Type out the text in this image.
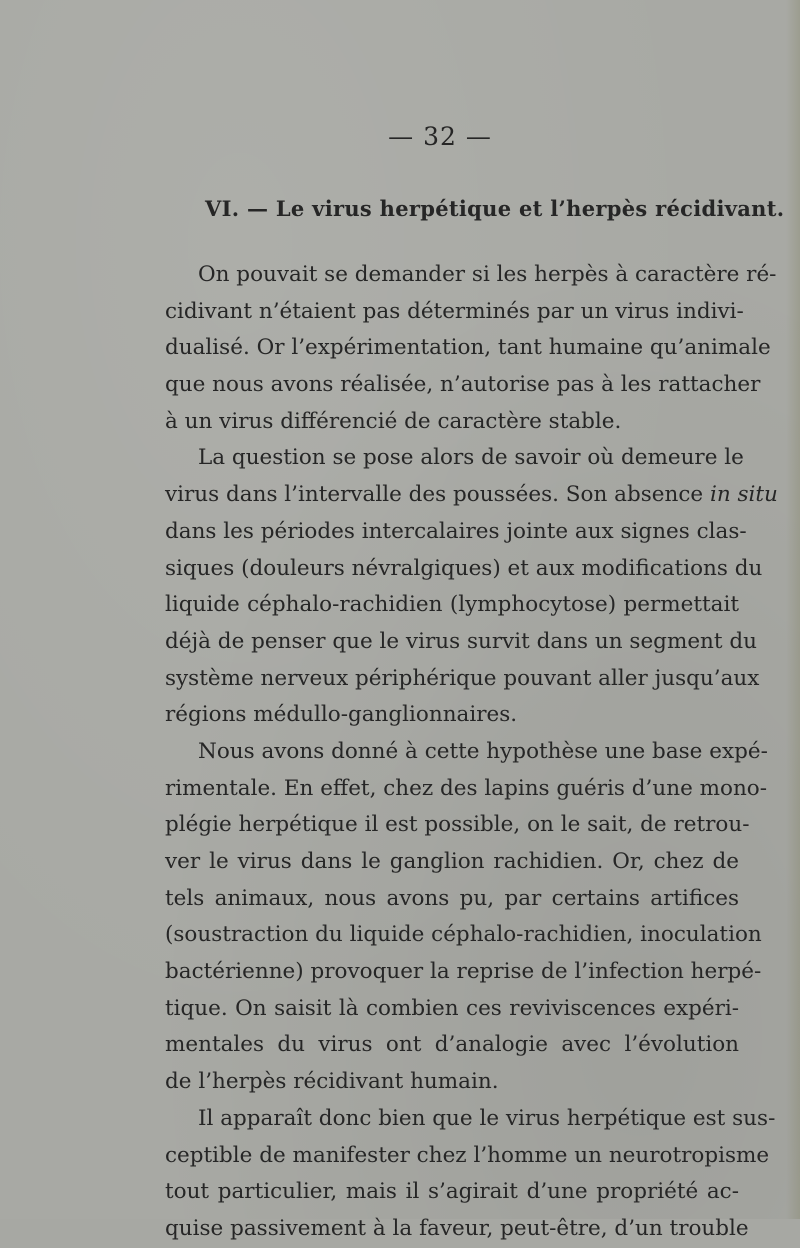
— 32 —
VI. — Le virus herpétique et l’herpès récidivant.
On pouvait se demander si les herpès à caractère ré-
cidivant n’étaient pas déterminés par un virus indivi-
dualisé. Or l’expérimentation, tant humaine qu’animale
que nous avons réalisée, n’autorise pas à les rattacher
à un virus différencié de caractère stable.
La question se pose alors de savoir où demeure le
virus dans l’intervalle des poussées. Son absence in situ
dans les périodes intercalaires jointe aux signes clas-
siques (douleurs névralgiques) et aux modifications du
liquide céphalo-rachidien (lymphocytose) permettait
déjà de penser que le virus survit dans un segment du
système nerveux périphérique pouvant aller jusqu’aux
régions médullo-ganglionnaires.
Nous avons donné à cette hypothèse une base expé-
rimentale. En effet, chez des lapins guéris d’une mono-
plégie herpétique il est possible, on le sait, de retrou-
ver le virus dans le ganglion rachidien. Or, chez de
tels animaux, nous avons pu, par certains artifices
(soustraction du liquide céphalo-rachidien, inoculation
bactérienne) provoquer la reprise de l’infection herpé-
tique. On saisit là combien ces reviviscences expéri-
mentales du virus ont d’analogie avec l’évolution
de l’herpès récidivant humain.
Il apparaît donc bien que le virus herpétique est sus-
ceptible de manifester chez l’homme un neurotropisme
tout particulier, mais il s’agirait d’une propriété ac-
quise passivement à la faveur, peut-être, d’un trouble
